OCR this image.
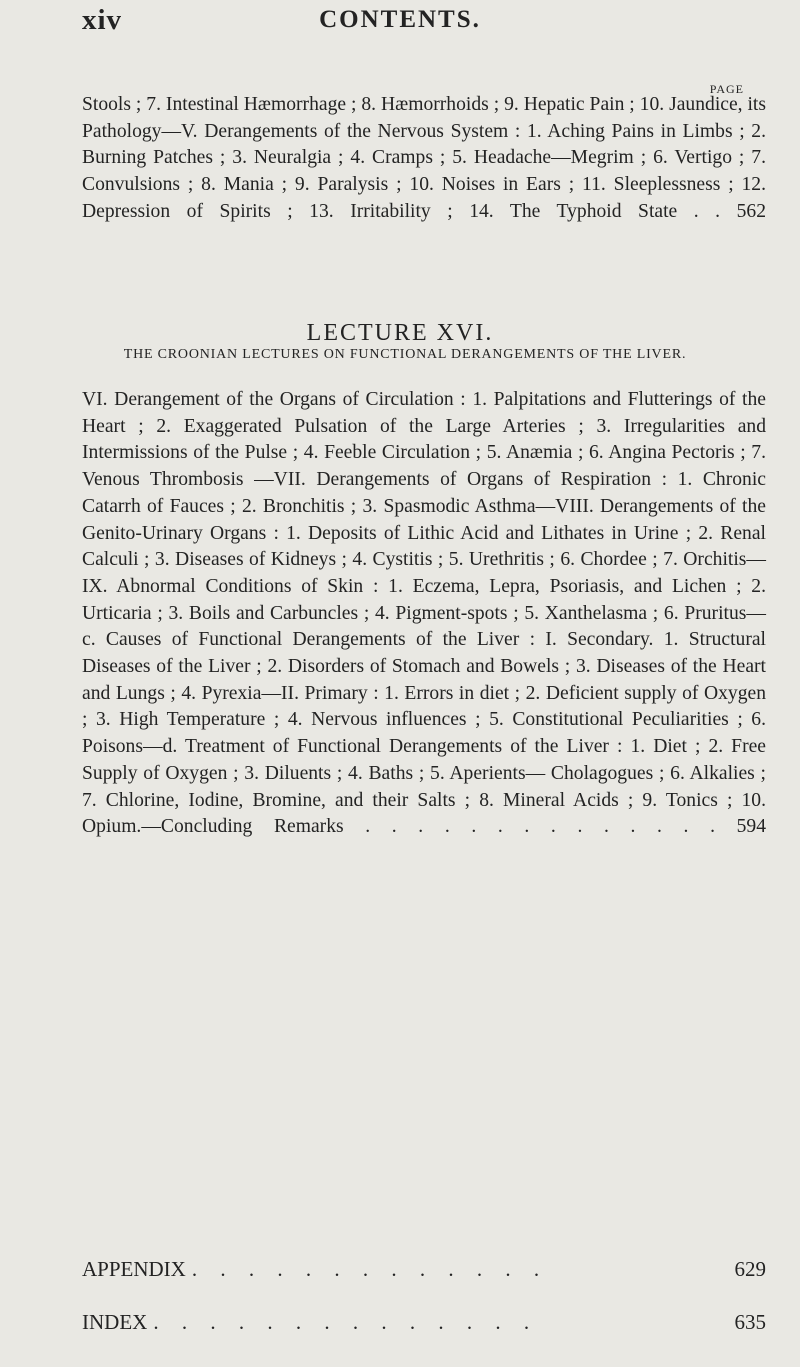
xiv	CONTENTS.
PAGE

Stools ; 7. Intestinal Hæmorrhage ; 8. Hæmorrhoids ; 9. Hepatic Pain ; 10. Jaundice, its Pathology—V. Derangements of the Nervous System : 1. Aching Pains in Limbs ; 2. Burning Patches ; 3. Neuralgia ; 4. Cramps ; 5. Headache—Megrim ; 6. Vertigo ; 7. Convulsions ; 8. Mania ; 9. Paralysis ; 10. Noises in Ears ; 11. Sleeplessness ; 12. Depression of Spirits ; 13. Irritability ; 14. The Typhoid State . . 562

LECTURE XVI.
THE CROONIAN LECTURES ON FUNCTIONAL DERANGEMENTS OF THE LIVER.

VI. Derangement of the Organs of Circulation : 1. Palpitations and Flutterings of the Heart ; 2. Exaggerated Pulsation of the Large Arteries ; 3. Irregularities and Intermissions of the Pulse ; 4. Feeble Circulation ; 5. Anæmia ; 6. Angina Pectoris ; 7. Venous Thrombosis —VII. Derangements of Organs of Respiration : 1. Chronic Catarrh of Fauces ; 2. Bronchitis ; 3. Spasmodic Asthma—VIII. Derangements of the Genito-Urinary Organs : 1. Deposits of Lithic Acid and Lithates in Urine ; 2. Renal Calculi ; 3. Diseases of Kidneys ; 4. Cystitis ; 5. Urethritis ; 6. Chordee ; 7. Orchitis—IX. Abnormal Conditions of Skin : 1. Eczema, Lepra, Psoriasis, and Lichen ; 2. Urticaria ; 3. Boils and Carbuncles ; 4. Pigment-spots ; 5. Xanthelasma ; 6. Pruritus—c. Causes of Functional Derangements of the Liver : I. Secondary. 1. Structural Diseases of the Liver ; 2. Disorders of Stomach and Bowels ; 3. Diseases of the Heart and Lungs ; 4. Pyrexia—II. Primary : 1. Errors in diet ; 2. Deficient supply of Oxygen ; 3. High Temperature ; 4. Nervous influences ; 5. Constitutional Peculiarities ; 6. Poisons—d. Treatment of Functional Derangements of the Liver : 1. Diet ; 2. Free Supply of Oxygen ; 3. Diluents ; 4. Baths ; 5. Aperients— Cholagogues ; 6. Alkalies ; 7. Chlorine, Iodine, Bromine, and their Salts ; 8. Mineral Acids ; 9. Tonics ; 10. Opium.—Concluding Remarks . . . . . . . . . . . . . . 594

APPENDIX . . . . . . . . . . . . .	629
INDEX . . . . . . . . . . . . . .	635
